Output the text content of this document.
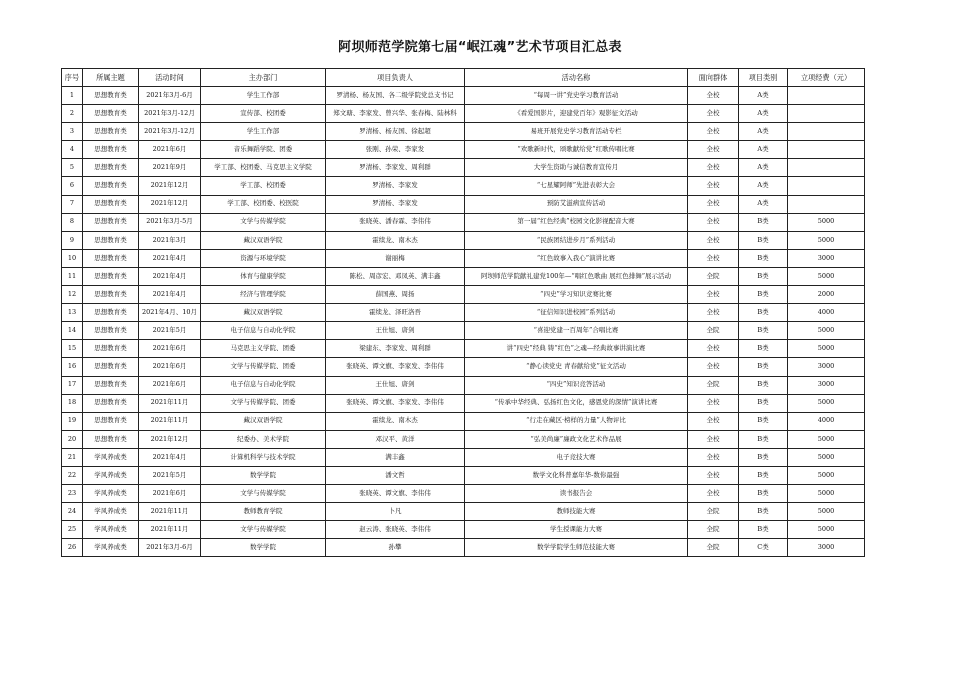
阿坝师范学院第七届“岷江魂”艺术节项目汇总表
序号	所属主题	活动时间	主办部门	项目负责人	活动名称	面向群体	项目类别	立项经费（元）
1	思想教育类	2021年3月-6月	学生工作部	罗清杨、杨友国、各二级学院党总支书记	“每周一讲”党史学习教育活动	全校	A类	
2	思想教育类	2021年3月-12月	宣传部、校团委	郑文瑭、李家发、曾兴华、张春梅、陆林科	《看爱国影片，迎建党百年》观影征文活动	全校	A类	
3	思想教育类	2021年3月-12月	学生工作部	罗清杨、杨友国、徐起超	易班开展党史学习教育活动专栏	全校	A类	
4	思想教育类	2021年6月	音乐舞蹈学院、团委	张刚、孙荣、李家发	“欢歌新时代，颂歌献给党”红歌传唱比赛	全校	A类	
5	思想教育类	2021年9月	学工部、校团委、马克思主义学院	罗清杨、李家发、周利群	大学生资助与诚信教育宣传月	全校	A类	
6	思想教育类	2021年12月	学工部、校团委	罗清杨、李家发	“七星耀阿师”先进表彰大会	全校	A类	
7	思想教育类	2021年12月	学工部、校团委、校医院	罗清杨、李家发	预防艾滋病宣传活动	全校	A类	
8	思想教育类	2021年3月-5月	文学与传媒学院	张晓英、潘春霖、李伟伟	第一届“红色经典”校园文化影视配音大赛	全校	B类	5000
9	思想教育类	2021年3月	藏汉双语学院	霍续龙、南木杰	“民族团结进步月”系列活动	全校	B类	5000
10	思想教育类	2021年4月	资源与环境学院	谢丽梅	“红色故事入我心”演讲比赛	全校	B类	3000
11	思想教育类	2021年4月	体育与健康学院	陈松、周彦宏、邓凤英、满丰鑫	阿坝师范学院献礼建党100年—“唱红色歌曲 展红色排舞”展示活动	全院	B类	5000
12	思想教育类	2021年4月	经济与管理学院	薛国燕、周扬	“四史”学习知识竞赛比赛	全校	B类	2000
13	思想教育类	2021年4月、10月	藏汉双语学院	霍续龙、泽旺洛吾	“征信知识进校园”系列活动	全校	B类	4000
14	思想教育类	2021年5月	电子信息与自动化学院	王仕旭、唐剑	“喜迎党建一百周年”合唱比赛	全院	B类	5000
15	思想教育类	2021年6月	马克思主义学院、团委	梁建东、李家发、周利群	讲“四史”经典 铸“红色”之魂—经典故事讲演比赛	全校	B类	5000
16	思想教育类	2021年6月	文学与传媒学院、团委	张晓英、谭文旗、李家发、李伟伟	“静心读党史 青春献给党”征文活动	全校	B类	3000
17	思想教育类	2021年6月	电子信息与自动化学院	王仕旭、唐剑	“四史”知识竞答活动	全院	B类	3000
18	思想教育类	2021年11月	文学与传媒学院、团委	张晓英、谭文旗、李家发、李伟伟	“传承中华经典、弘扬红色文化，感恩党的深情”演讲比赛	全校	B类	5000
19	思想教育类	2021年11月	藏汉双语学院	霍续龙、南木杰	“行走在藏区·榜样的力量”人物评比	全校	B类	4000
20	思想教育类	2021年12月	纪委办、美术学院	邓汉平、黄洋	“弘美尚廉”廉政文化艺术作品展	全校	B类	5000
21	学风养成类	2021年4月	计算机科学与技术学院	满丰鑫	电子竞技大赛	全校	B类	5000
22	学风养成类	2021年5月	数学学院	潘文哲	数学文化科普嘉年华-数你最强	全校	B类	5000
23	学风养成类	2021年6月	文学与传媒学院	张晓英、谭文旗、李伟伟	读书报告会	全校	B类	5000
24	学风养成类	2021年11月	教师教育学院	卜凡	教师技能大赛	全院	B类	5000
25	学风养成类	2021年11月	文学与传媒学院	赵云涛、张晓英、李伟伟	学生授课能力大赛	全院	B类	5000
26	学风养成类	2021年3月-6月	数学学院	孙攀	数学学院学生师范技能大赛	全院	C类	3000
